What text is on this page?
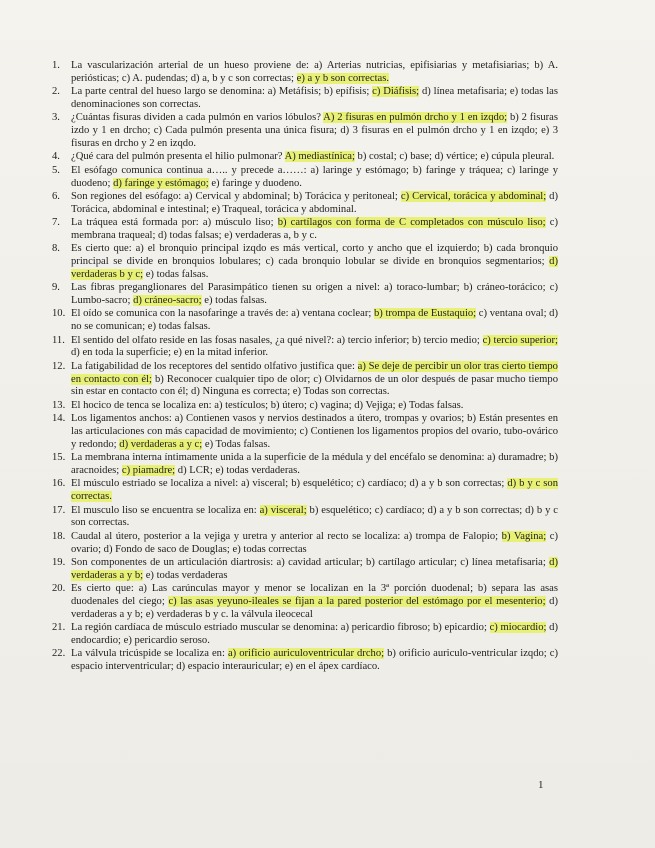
1. La vascularización arterial de un hueso proviene de: a) Arterias nutricias, epifisiarias y metafisiarias; b) A. periósticas; c) A. pudendas; d) a, b y c son correctas; e) a y b son correctas.
2. La parte central del hueso largo se denomina: a) Metáfisis; b) epífisis; c) Diáfisis; d) línea metafisaria; e) todas las denominaciones son correctas.
3. ¿Cuántas fisuras dividen a cada pulmón en varios lóbulos? A) 2 fisuras en pulmón drcho y 1 en izqdo; b) 2 fisuras izdo y 1 en drcho; c) Cada pulmón presenta una única fisura; d) 3 fisuras en el pulmón drcho y 1 en izqdo; e) 3 fisuras en drcho y 2 en izqdo.
4. ¿Qué cara del pulmón presenta el hilio pulmonar? A) mediastínica; b) costal; c) base; d) vértice; e) cúpula pleural.
5. El esófago comunica continua a….. y precede a……: a) laringe y estómago; b) faringe y tráquea; c) laringe y duodeno; d) faringe y estómago; e) faringe y duodeno.
6. Son regiones del esófago: a) Cervical y abdominal; b) Torácica y peritoneal; c) Cervical, torácica y abdominal; d) Torácica, abdominal e intestinal; e) Traqueal, torácica y abdominal.
7. La tráquea está formada por: a) músculo liso; b) cartílagos con forma de C completados con músculo liso; c) membrana traqueal; d) todas falsas; e) verdaderas a, b y c.
8. Es cierto que: a) el bronquio principal izqdo es más vertical, corto y ancho que el izquierdo; b) cada bronquio principal se divide en bronquios lobulares; c) cada bronquio lobular se divide en bronquios segmentarios; d) verdaderas b y c; e) todas falsas.
9. Las fibras preganglionares del Parasimpático tienen su origen a nivel: a) toraco-lumbar; b) cráneo-torácico; c) Lumbo-sacro; d) cráneo-sacro; e) todas falsas.
10. El oído se comunica con la nasofaringe a través de: a) ventana coclear; b) trompa de Eustaquio; c) ventana oval; d) no se comunican; e) todas falsas.
11. El sentido del olfato reside en las fosas nasales, ¿a qué nivel?: a) tercio inferior; b) tercio medio; c) tercio superior; d) en toda la superficie; e) en la mitad inferior.
12. La fatigabilidad de los receptores del sentido olfativo justifica que: a) Se deje de percibir un olor tras cierto tiempo en contacto con él; b) Reconocer cualquier tipo de olor; c) Olvidarnos de un olor después de pasar mucho tiempo sin estar en contacto con él; d) Ninguna es correcta; e) Todas son correctas.
13. El hocico de tenca se localiza en: a) testículos; b) útero; c) vagina; d) Vejiga; e) Todas falsas.
14. Los ligamentos anchos: a) Contienen vasos y nervios destinados a útero, trompas y ovarios; b) Están presentes en las articulaciones con más capacidad de movimiento; c) Contienen los ligamentos propios del ovario, tubo-ovárico y redondo; d) verdaderas a y c; e) Todas falsas.
15. La membrana interna íntimamente unida a la superficie de la médula y del encéfalo se denomina: a) duramadre; b) aracnoides; c) piamadre; d) LCR; e) todas verdaderas.
16. El músculo estriado se localiza a nivel: a) visceral; b) esquelético; c) cardíaco; d) a y b son correctas; d) b y c son correctas.
17. El musculo liso se encuentra se localiza en: a) visceral; b) esquelético; c) cardíaco; d) a y b son correctas; d) b y c son correctas.
18. Caudal al útero, posterior a la vejiga y uretra y anterior al recto se localiza: a) trompa de Falopio; b) Vagina; c) ovario; d) Fondo de saco de Douglas; e) todas correctas
19. Son componentes de un articulación diartrosis: a) cavidad articular; b) cartílago articular; c) línea metafisaria; d) verdaderas a y b; e) todas verdaderas
20. Es cierto que: a) Las carúnculas mayor y menor se localizan en la 3ª porción duodenal; b) separa las asas duodenales del ciego; c) las asas yeyuno-ileales se fijan a la pared posterior del estómago por el mesenterio; d) verdaderas a y b; e) verdaderas b y c. la válvula ileocecal
21. La región cardíaca de músculo estriado muscular se denomina: a) pericardio fibroso; b) epicardio; c) miocardio; d) endocardio; e) pericardio seroso.
22. La válvula tricúspide se localiza en: a) orificio auriculoventricular drcho; b) orificio auriculo-ventricular izqdo; c) espacio interventricular; d) espacio interauricular; e) en el ápex cardíaco.
1
